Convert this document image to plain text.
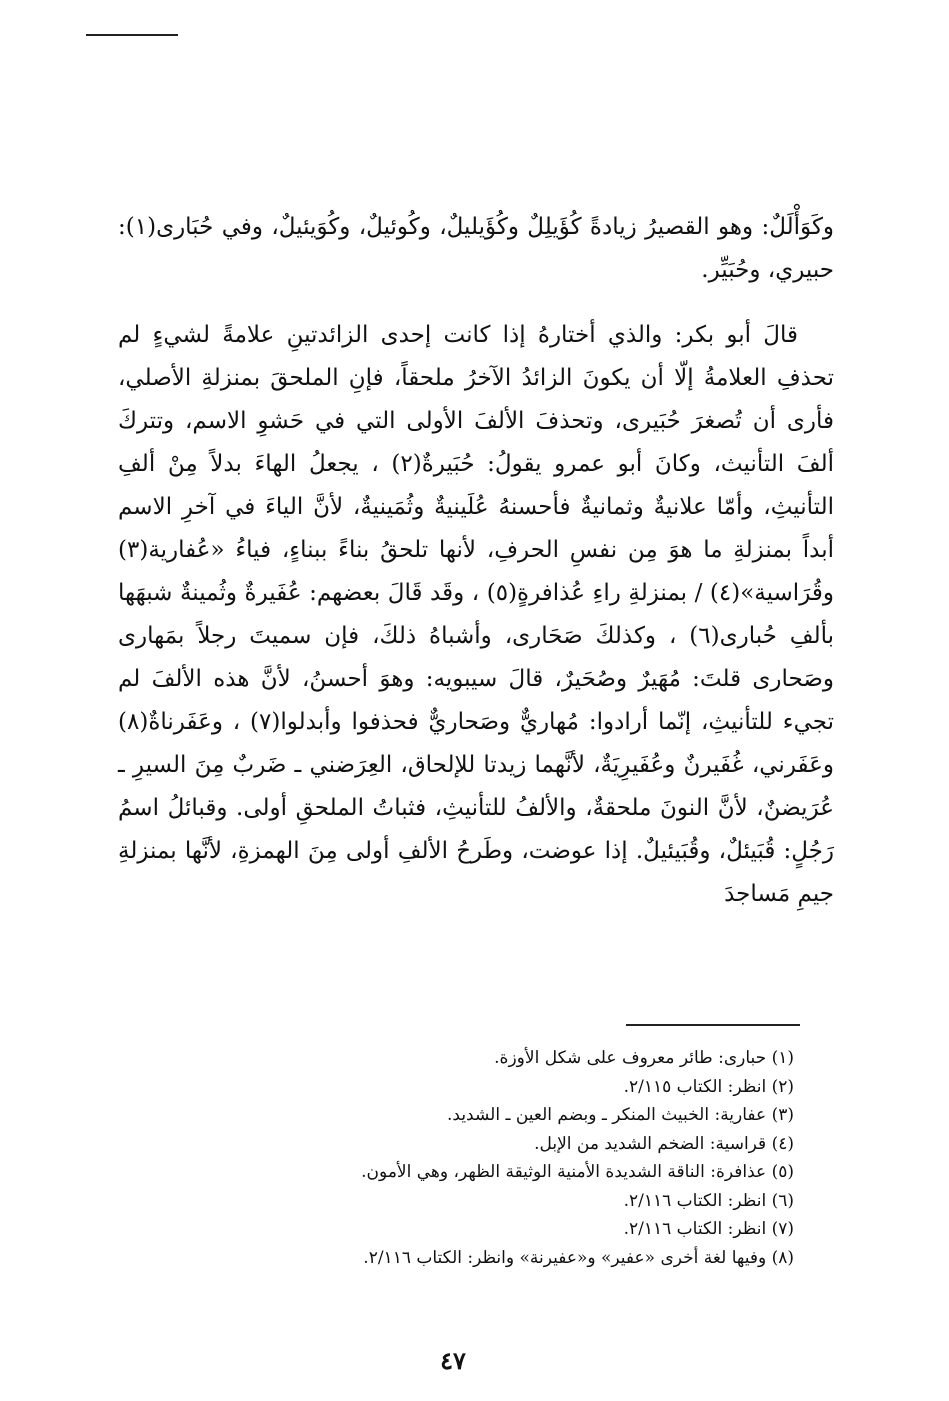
وكَوَأْلَلٌ: وهو القصيرُ زيادةً كُؤَيلِلٌ وكُؤَيليلٌ، وكُوئيلٌ، وكُوَيئيلٌ، وفي حُبَارى(١): حبيري، وحُبَيِّر.

قالَ أبو بكر: والذي أختارهُ إذا كانت إحدى الزائدتينِ علامةً لشيءٍ لم تحذفِ العلامةُ إلّا أن يكونَ الزائدُ الآخرُ ملحقاً، فإنِ الملحقَ بمنزلةِ الأصلي، فأرى أن تُصغرَ حُبَيرى، وتحذفَ الألفَ الأولى التي في حَشوِ الاسم، وتتركَ ألفَ التأنيث، وكانَ أبو عمرو يقولُ: حُبَيرةٌ(٢) ، يجعلُ الهاءَ بدلاً مِنْ ألفِ التأنيثِ، وأمّا علانيةٌ وثمانيةٌ فأحسنهُ عُلَينيةٌ وثُمَينيةٌ، لأنَّ الياءَ في آخرِ الاسم أبداً بمنزلةِ ما هوَ مِن نفسِ الحرفِ، لأنها تلحقُ بناءً ببناءٍ، فياءُ «عُفارية(٣) وقُرَاسية»(٤) / بمنزلةِ راءِ عُذافرةٍ(٥) ، وقَد قَالَ بعضهم: عُفَيرةٌ وثُمينةٌ شبهَها بألفِ حُبارى(٦) ، وكذلكَ صَحَارى، وأشباهُ ذلكَ، فإن سميتَ رجلاً بمَهارى وصَحارى قلتَ: مُهَيرٌ وصُحَيرٌ، قالَ سيبويه: وهوَ أحسنُ، لأنَّ هذه الألفَ لم تجيء للتأنيثِ، إنّما أرادوا: مُهاريٌّ وصَحاريٌّ فحذفوا وأبدلوا(٧) ، وعَفَرناةٌ(٨) وعَفَرني، غُفَيرنٌ وعُفَيرِيَةٌ، لأنَّهما زيدتا للإلحاق، العِرَضني ـ ضَربٌ مِنَ السيرِ ـ عُرَيضنٌ، لأنَّ النونَ ملحقةٌ، والألفُ للتأنيثِ، فثباتُ الملحقِ أولى. وقبائلُ اسمُ رَجُلٍ: قُبَيئلٌ، وقُبَيئيلٌ. إذا عوضت، وطَرحُ الألفِ أولى مِنَ الهمزةِ، لأنَّها بمنزلةِ جيمِ مَساجدَ

(١) حبارى: طائر معروف على شكل الأوزة.
(٢) انظر: الكتاب ٢/١١٥.
(٣) عفارية: الخبيث المنكر ـ وبضم العين ـ الشديد.
(٤) قراسية: الضخم الشديد من الإبل.
(٥) عذافرة: الناقة الشديدة الأمنية الوثيقة الظهر، وهي الأمون.
(٦) انظر: الكتاب ٢/١١٦.
(٧) انظر: الكتاب ٢/١١٦.
(٨) وفيها لغة أخرى «عفير» و«عفيرنة» وانظر: الكتاب ٢/١١٦.
٤٧
